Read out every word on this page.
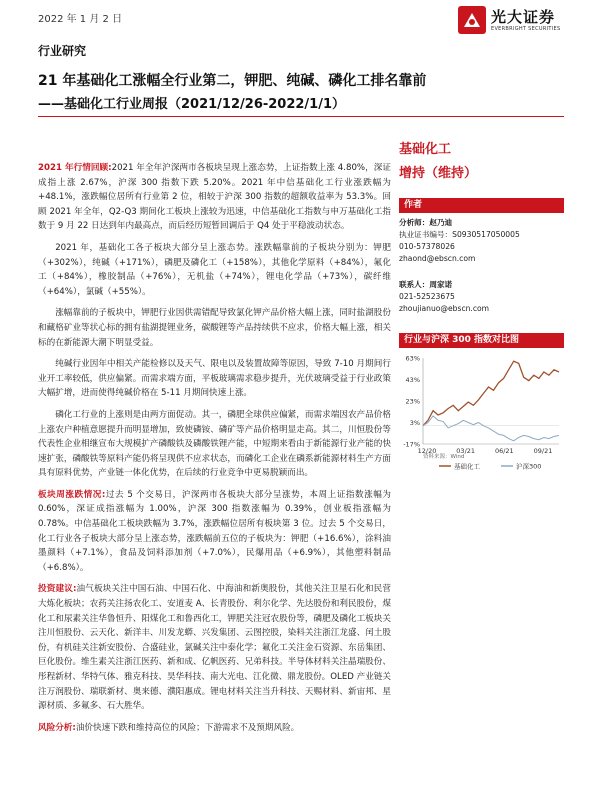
2022 年 1 月 2 日	光大证券
EVERBRIGHT SECURITIES
行业研究
21 年基础化工涨幅全行业第二，钾肥、纯碱、磷化工排名靠前
——基础化工行业周报（2021/12/26-2022/1/1）

2021 年行情回顾:2021 年全年沪深两市各板块呈现上涨态势，上证指数上涨 4.80%，深证成指上涨 2.67%，沪深 300 指数下跌 5.20%。2021 年中信基础化工行业涨跌幅为+48.1%，涨跌幅位居所有行业第 2 位，相较于沪深 300 指数的超额收益率为 53.3%。回顾 2021 年全年，Q2-Q3 期间化工板块上涨较为迅速，中信基础化工指数与申万基础化工指数于 9 月 22 日达到年内最高点，而后经历短暂回调后于 Q4 处于平稳波动状态。

2021 年，基础化工各子板块大部分呈上涨态势。涨跌幅靠前的子板块分别为：钾肥（+302%），纯碱（+171%），磷肥及磷化工（+158%），其他化学原料（+84%），氟化工（+84%），橡胶制品（+76%），无机盐（+74%），锂电化学品（+73%），碳纤维（+64%），氯碱（+55%）。

涨幅靠前的子板块中，钾肥行业因供需错配导致氯化钾产品价格大幅上涨，同时盐湖股份和藏格矿业等状心标的拥有盐湖提锂业务，碳酸锂等产品持续供不应求，价格大幅上涨，相关标的在新能源大潮下明显受益。

纯碱行业因年中相关产能检修以及天气、限电以及装置故障等原因，导致 7-10 月期间行业开工率较低，供应偏紧。而需求端方面，平板玻璃需求稳步提升，光伏玻璃受益于行业政策大幅扩增，进而使得纯碱价格在 5-11 月期间快速上涨。

磷化工行业的上涨则是由两方面促动。其一，磷肥全球供应偏紧，而需求端因农产品价格上涨农户种植意愿提升而明显增加，致使磷铵、磷矿等产品价格明显走高。其二，川恒股份等代表性企业相继宣布大规模扩产磷酸铁及磷酸铁锂产能，中短期来看由于新能源行业产能的快速扩张，磷酸铁等原料产能仍将呈现供不应求状态，而磷化工企业在磷系新能源材料生产方面具有原料优势，产业链一体化优势，在后续的行业竞争中更易脱颖而出。

板块周涨跌情况:过去 5 个交易日，沪深两市各板块大部分呈涨势，本周上证指数涨幅为 0.60%，深证成指涨幅为 1.00%，沪深 300 指数涨幅为 0.39%，创业板指涨幅为 0.78%。中信基础化工板块跌幅为 3.7%，涨跌幅位居所有板块第 3 位。过去 5 个交易日，化工行业各子板块大部分呈上涨态势，涨跌幅前五位的子板块为：钾肥（+16.6%），涂料油墨颜料（+7.1%），食品及饲料添加剂（+7.0%），民爆用品（+6.9%），其他塑料制品（+6.8%）。

投资建议:油气板块关注中国石油、中国石化、中海油和新奥股份，其他关注卫星石化和民营大炼化板块；农药关注扬农化工、安道麦 A、长青股份、利尔化学、先达股份和利民股份，煤化工和尿素关注华鲁恒升、阳煤化工和鲁西化工，钾肥关注冠农股份等，磷肥及磷化工板块关注川恒股份、云天化、新洋丰、川发龙蟒、兴发集团、云图控股，染料关注浙江龙盛、闰土股份，有机硅关注新安股份、合盛硅业，氯碱关注中泰化学；氟化工关注金石资源、东岳集团、巨化股份。维生素关注浙江医药、新和成、亿帆医药、兄弟科技。半导体材料关注晶瑞股份、彤程新材、华特气体、雅克科技、昊华科技、南大光电、江化微、鼎龙股份。OLED 产业链关注万润股份、瑞联新材、奥来德、濮阳惠成。锂电材料关注当升科技、天赐材料、新宙邦、星源材质、多氟多、石大胜华。

风险分析:油价快速下跌和维持高位的风险；下游需求不及预期风险。

基础化工
增持（维持）
作者
分析师：赵乃迪
执业证书编号：S0930517050005
010-57378026
zhaond@ebscn.com
联系人：周家诺
021-52523675
zhoujianuo@ebscn.com
行业与沪深 300 指数对比图
-17%
3%
23%
43%
63%
12/20	03/21	06/21	09/21
基础化工	沪深300
资料来源：Wind
